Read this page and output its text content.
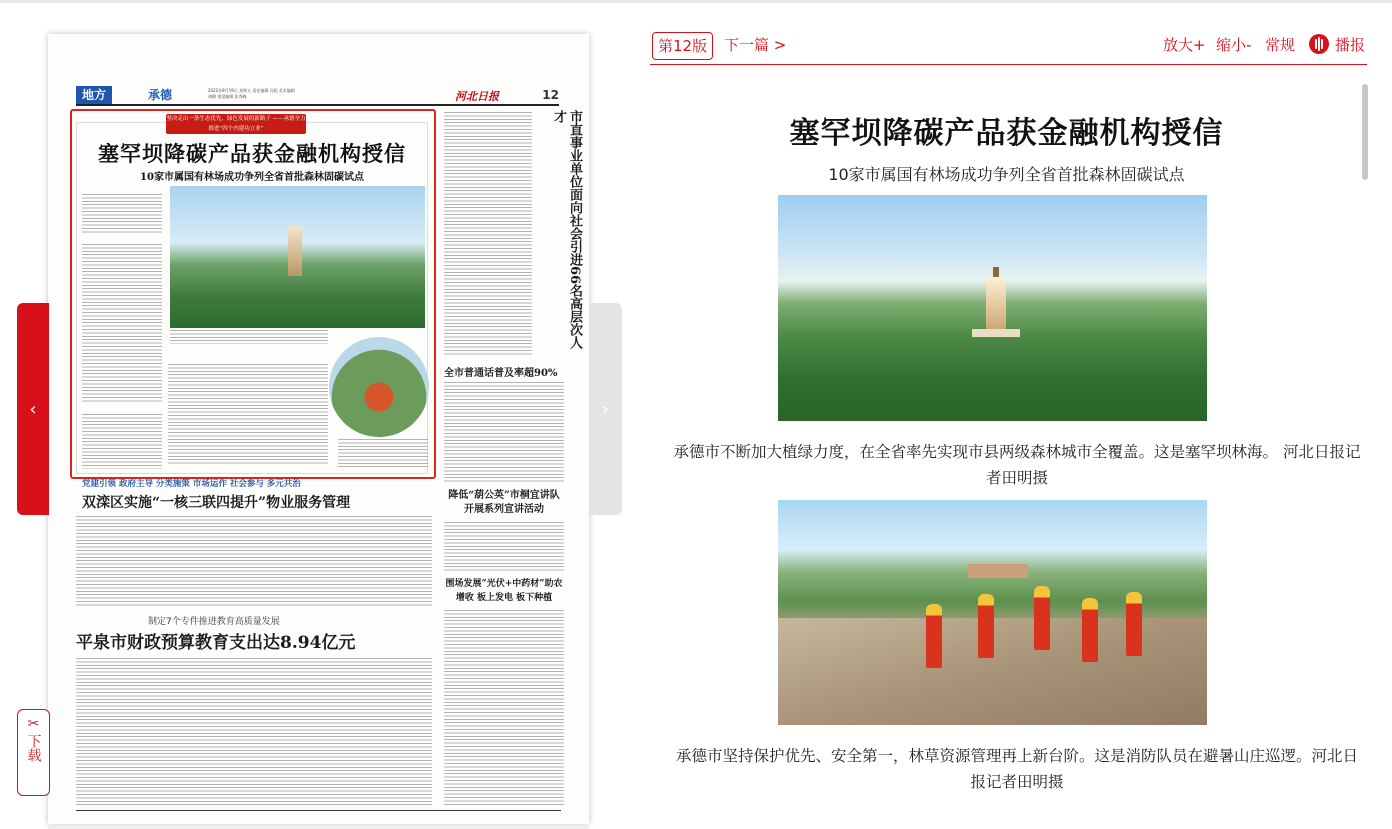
地方	承德	2022年8月19日 星期五 责任编辑 冯阳 美术编辑 胡健 视觉编辑 张秀峰	河北日报	12
坚决走出一条生态优先、绿色发展的新路子 ——承德全力推进“四个内建功立业”
塞罕坝降碳产品获金融机构授信
10家市属国有林场成功争列全省首批森林固碳试点	市直事业单位面向社会引进66名高层次人才
全市普通话普及率超90%
降低“葫公英”市桐宜讲队 开展系列宣讲活动
围场发展“光伏+中药材”助农增收 板上发电 板下种植
党建引领 政府主导 分类施策 市场运作 社会参与 多元共治
双滦区实施“一核三联四提升”物业服务管理
制定7个专件推进教育高质量发展
平泉市财政预算教育支出达8.94亿元
‹	›
✂
下载
第12版	下一篇 >	放大+ 缩小- 常规	播报
塞罕坝降碳产品获金融机构授信
10家市属国有林场成功争列全省首批森林固碳试点
承德市不断加大植绿力度，在全省率先实现市县两级森林城市全覆盖。这是塞罕坝林海。 河北日报记者田明摄
承德市坚持保护优先、安全第一，林草资源管理再上新台阶。这是消防队员在避暑山庄巡逻。河北日报记者田明摄
